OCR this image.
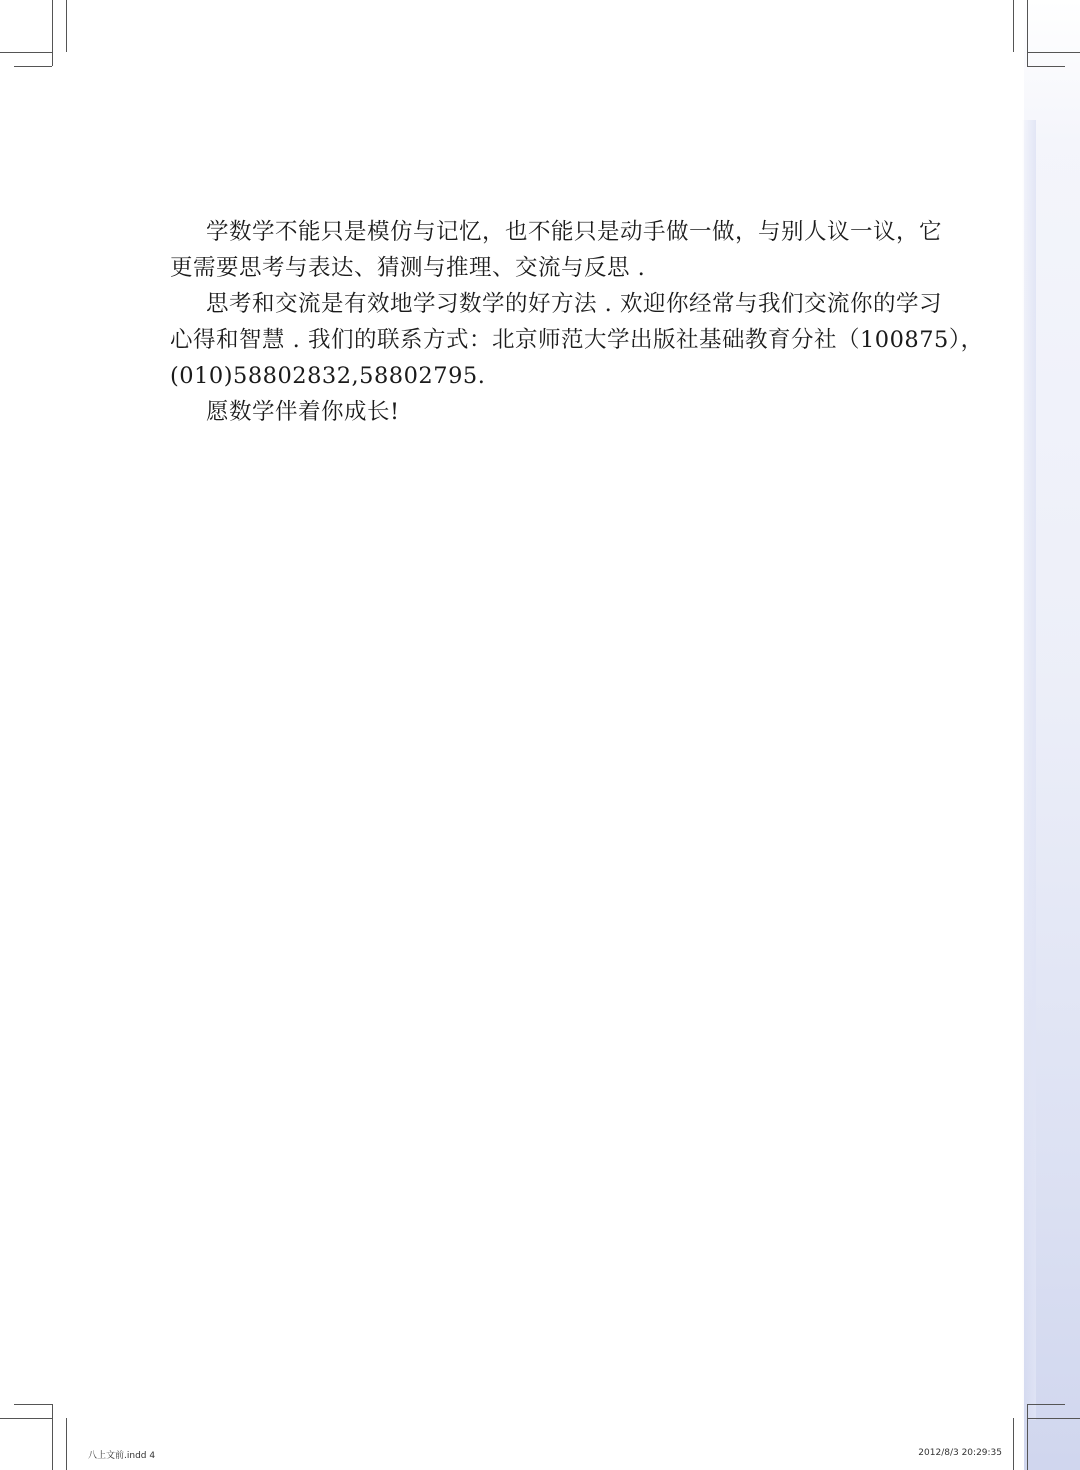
学数学不能只是模仿与记忆，也不能只是动手做一做，与别人议一议，它
更需要思考与表达、猜测与推理、交流与反思 .

思考和交流是有效地学习数学的好方法 . 欢迎你经常与我们交流你的学习
心得和智慧 . 我们的联系方式：北京师范大学出版社基础教育分社（100875），
(010)58802832,58802795.

愿数学伴着你成长!

八上文前.indd 4	2012/8/3 20:29:35
